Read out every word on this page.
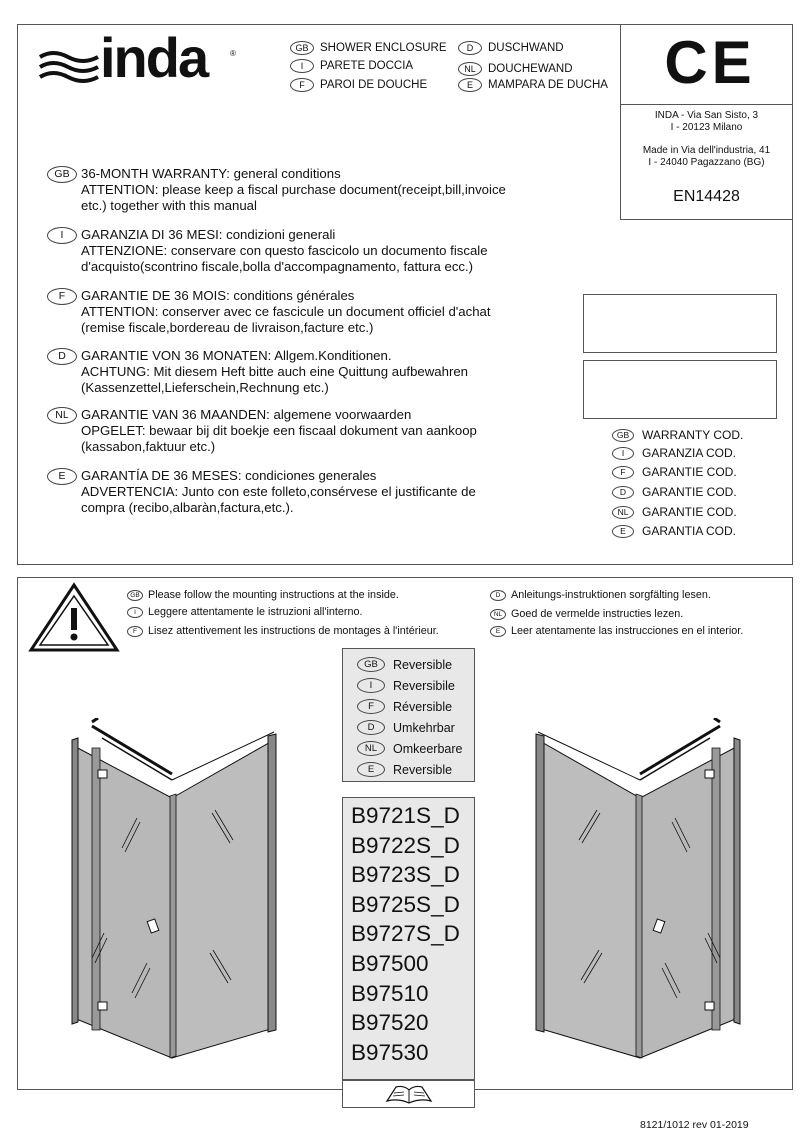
inda	®
GB	SHOWER ENCLOSURE
I	PARETE DOCCIA
F	PAROI DE DOUCHE
D	DUSCHWAND
NL	DOUCHEWAND
E	MAMPARA DE DUCHA CE
INDA - Via San Sisto, 3
I - 20123 Milano
Made in Via dell'industria, 41
I - 24040 Pagazzano (BG)
EN14428
GB 36-MONTH WARRANTY: general conditions
ATTENTION: please keep a fiscal purchase document(receipt,bill,invoice
etc.) together with this manual
I	GARANZIA DI 36 MESI: condizioni generali
ATTENZIONE: conservare con questo fascicolo un documento fiscale
d'acquisto(scontrino fiscale,bolla d'accompagnamento, fattura ecc.)
F	GARANTIE DE 36 MOIS: conditions générales
ATTENTION: conserver avec ce fascicule un document officiel d'achat
(remise fiscale,bordereau de livraison,facture etc.)
D	GARANTIE VON 36 MONATEN: Allgem.Konditionen.
ACHTUNG: Mit diesem Heft bitte auch eine Quittung aufbewahren
(Kassenzettel,Lieferschein,Rechnung etc.)
NL GARANTIE VAN 36 MAANDEN: algemene voorwaarden
OPGELET: bewaar bij dit boekje een fiscaal dokument van aankoop
(kassabon,faktuur etc.)
E	GARANTÍA DE 36 MESES: condiciones generales
ADVERTENCIA: Junto con este folleto,consérvese el justificante de
compra (recibo,albaràn,factura,etc.).
GB	WARRANTY COD.
I	GARANZIA COD.
F	GARANTIE COD.
D	GARANTIE COD.
NL	GARANTIE COD.
E	GARANTIA COD.
GB Please follow the mounting instructions at the inside.
I	Leggere attentamente le istruzioni all'interno.
F	Lisez attentivement les instructions de montages à l'intérieur.
D Anleitungs-instruktionen sorgfälting lesen.
NL Goed de vermelde instructies lezen.
E	Leer atentamente las instrucciones en el interior.
GB	Reversible
I	Reversibile
F	Réversible
D	Umkehrbar
NL	Omkeerbare
E	Reversible
B9721S_D
B9722S_D
B9723S_D
B9725S_D
B9727S_D
B97500
B97510
B97520
B97530
8121/1012 rev 01-2019
